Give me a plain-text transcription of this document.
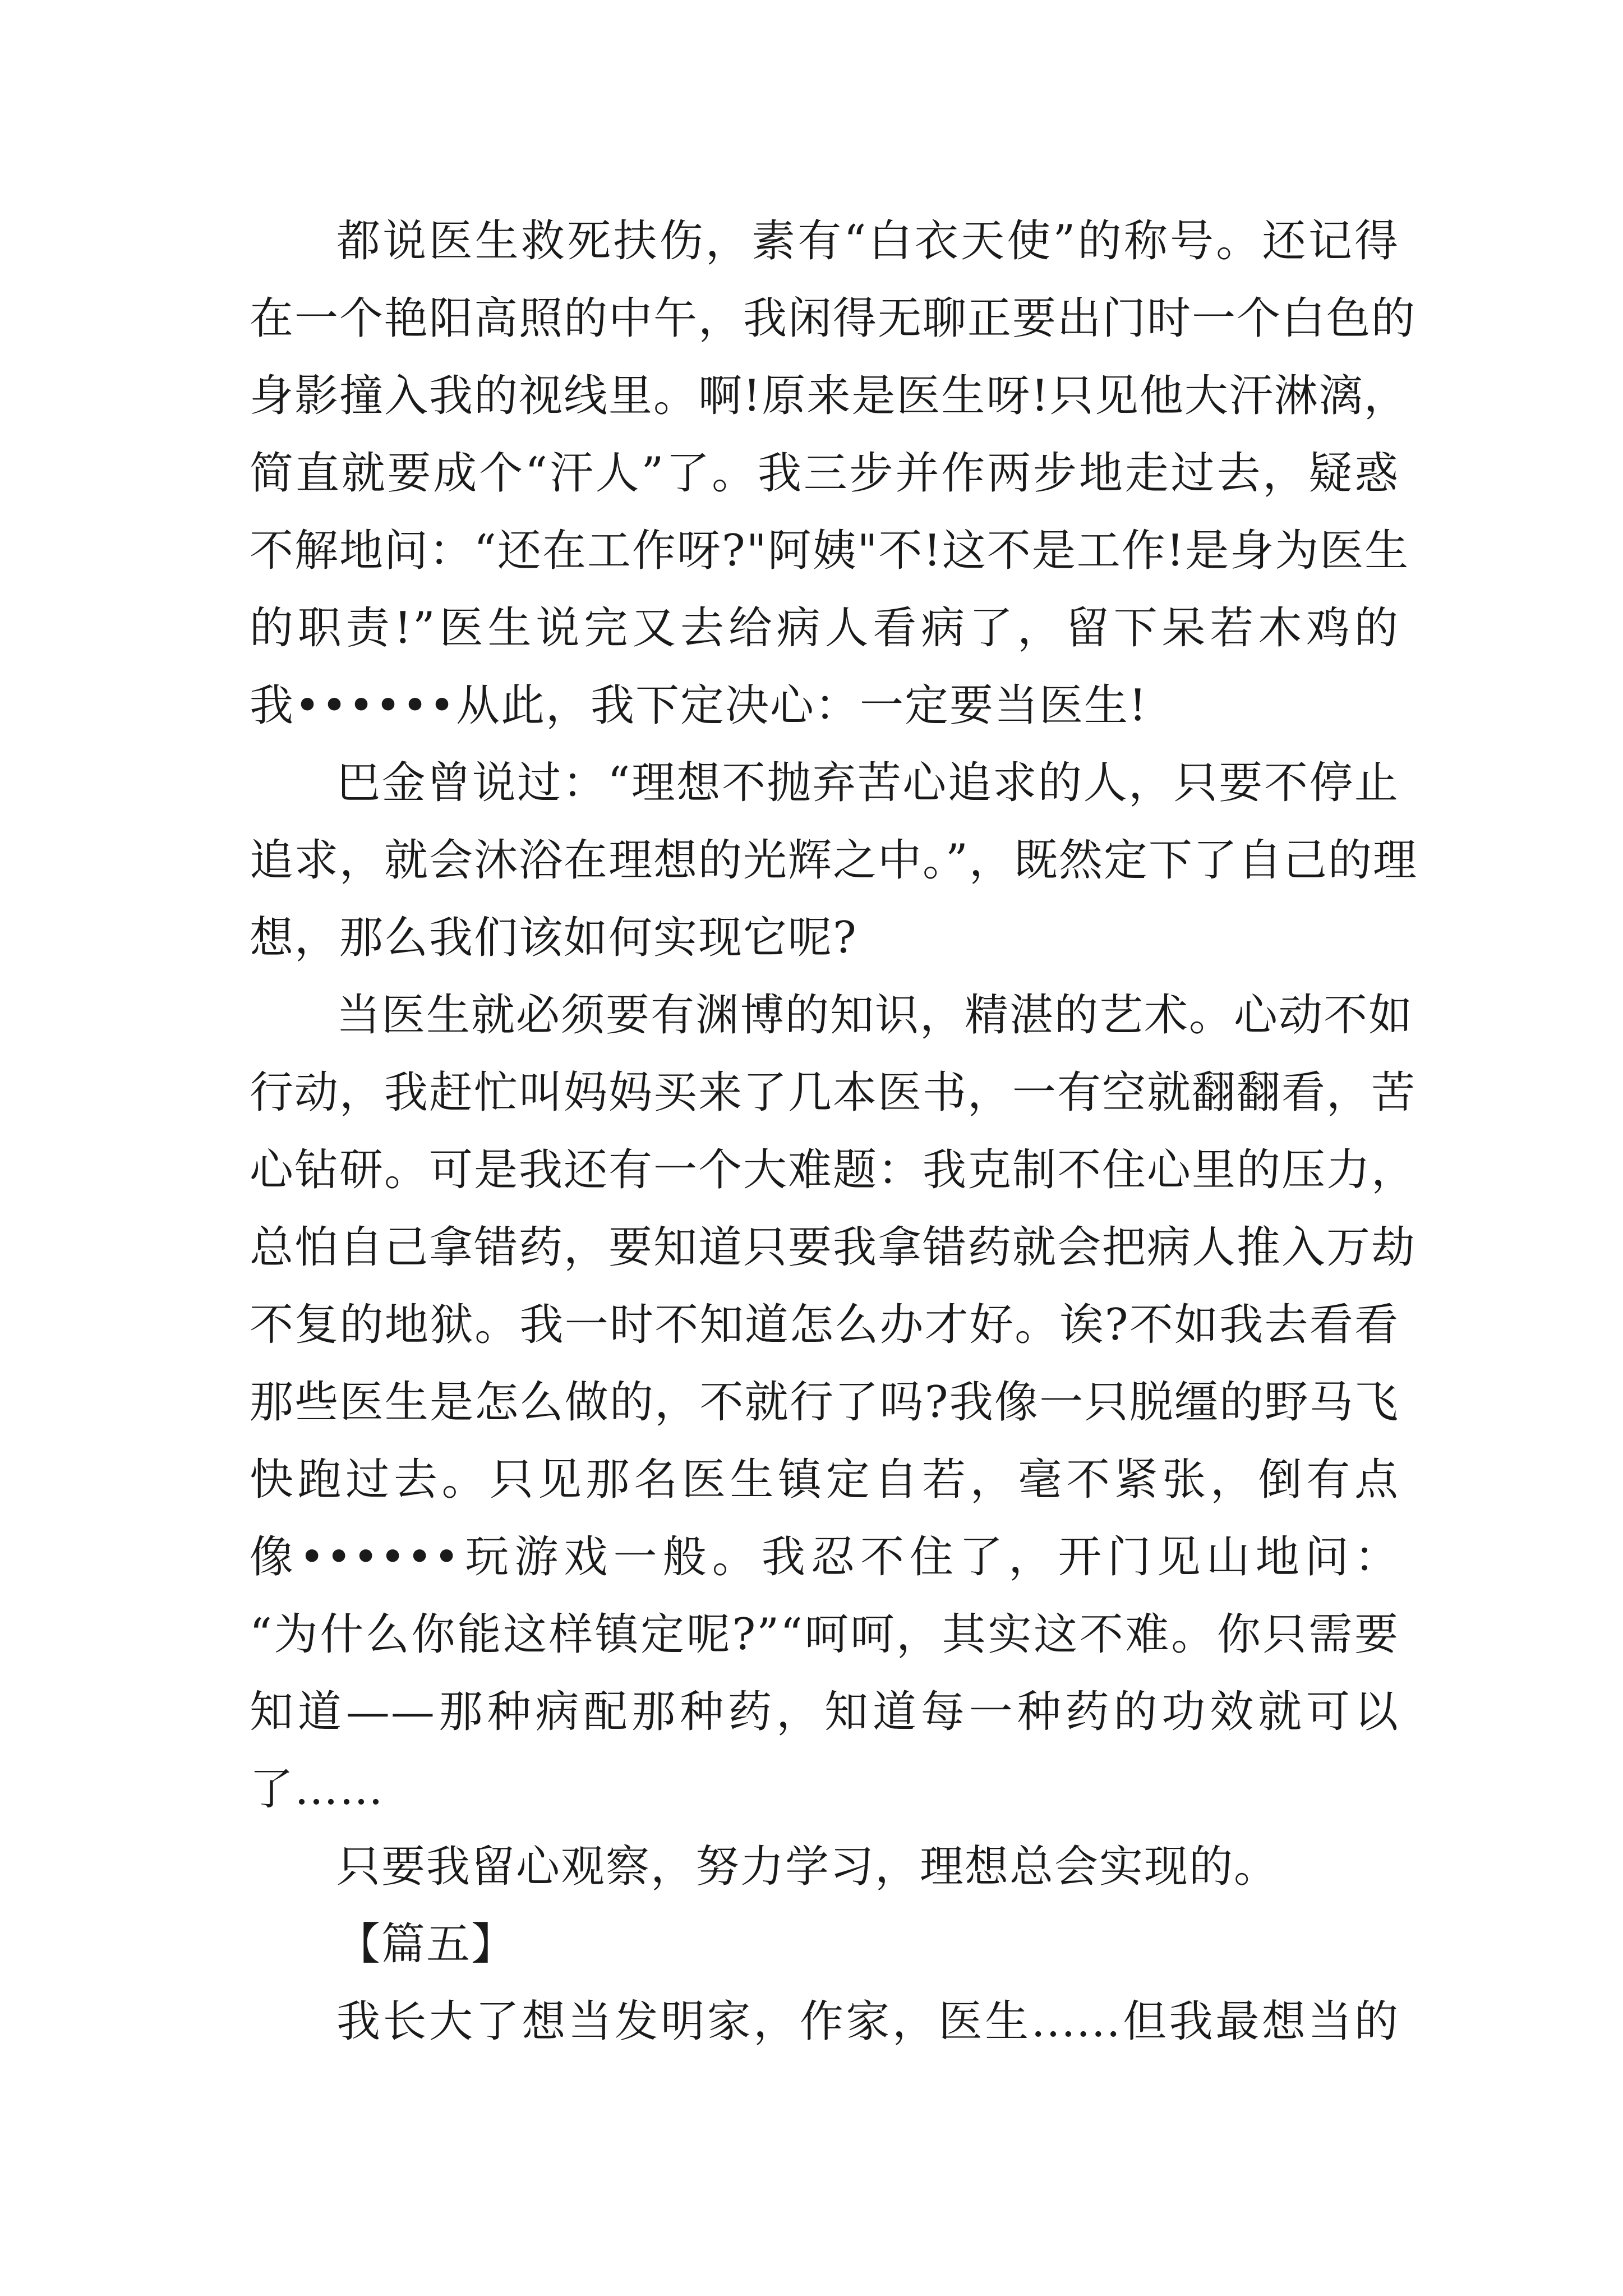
都说医生救死扶伤，素有“白衣天使”的称号。还记得
在一个艳阳高照的中午，我闲得无聊正要出门时一个白色的
身影撞入我的视线里。啊!原来是医生呀!只见他大汗淋漓，
简直就要成个“汗人”了。我三步并作两步地走过去，疑惑
不解地问：“还在工作呀?"阿姨"不!这不是工作!是身为医生
的职责!”医生说完又去给病人看病了，留下呆若木鸡的
我••••••从此，我下定决心：一定要当医生!
巴金曾说过：“理想不抛弃苦心追求的人，只要不停止
追求，就会沐浴在理想的光辉之中。”，既然定下了自己的理
想，那么我们该如何实现它呢?
当医生就必须要有渊博的知识，精湛的艺术。心动不如
行动，我赶忙叫妈妈买来了几本医书，一有空就翻翻看，苦
心钻研。可是我还有一个大难题：我克制不住心里的压力，
总怕自己拿错药，要知道只要我拿错药就会把病人推入万劫
不复的地狱。我一时不知道怎么办才好。诶?不如我去看看
那些医生是怎么做的，不就行了吗?我像一只脱缰的野马飞
快跑过去。只见那名医生镇定自若，毫不紧张，倒有点
像••••••玩游戏一般。我忍不住了，开门见山地问：
“为什么你能这样镇定呢?”“呵呵，其实这不难。你只需要
知道——那种病配那种药，知道每一种药的功效就可以
了……
只要我留心观察，努力学习，理想总会实现的。
【篇五】
我长大了想当发明家，作家，医生......但我最想当的
